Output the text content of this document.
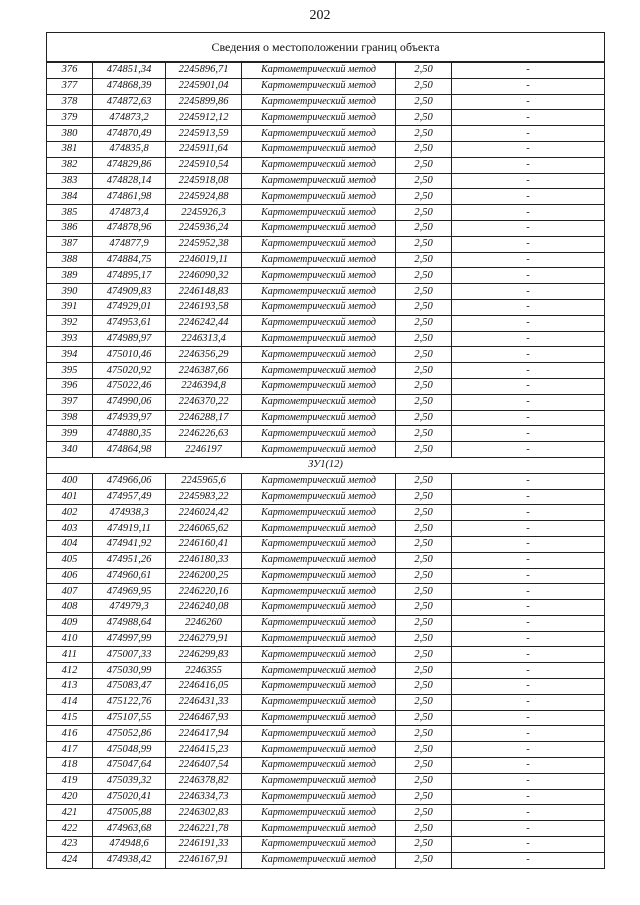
202
Сведения о местоположении границ объекта					
376	474851,34	2245896,71	Картометрический метод	2,50	-
377	474868,39	2245901,04	Картометрический метод	2,50	-
378	474872,63	2245899,86	Картометрический метод	2,50	-
379	474873,2	2245912,12	Картометрический метод	2,50	-
380	474870,49	2245913,59	Картометрический метод	2,50	-
381	474835,8	2245911,64	Картометрический метод	2,50	-
382	474829,86	2245910,54	Картометрический метод	2,50	-
383	474828,14	2245918,08	Картометрический метод	2,50	-
384	474861,98	2245924,88	Картометрический метод	2,50	-
385	474873,4	2245926,3	Картометрический метод	2,50	-
386	474878,96	2245936,24	Картометрический метод	2,50	-
387	474877,9	2245952,38	Картометрический метод	2,50	-
388	474884,75	2246019,11	Картометрический метод	2,50	-
389	474895,17	2246090,32	Картометрический метод	2,50	-
390	474909,83	2246148,83	Картометрический метод	2,50	-
391	474929,01	2246193,58	Картометрический метод	2,50	-
392	474953,61	2246242,44	Картометрический метод	2,50	-
393	474989,97	2246313,4	Картометрический метод	2,50	-
394	475010,46	2246356,29	Картометрический метод	2,50	-
395	475020,92	2246387,66	Картометрический метод	2,50	-
396	475022,46	2246394,8	Картометрический метод	2,50	-
397	474990,06	2246370,22	Картометрический метод	2,50	-
398	474939,97	2246288,17	Картометрический метод	2,50	-
399	474880,35	2246226,63	Картометрический метод	2,50	-
340	474864,98	2246197	Картометрический метод	2,50	-
ЗУ1(12)					
400	474966,06	2245965,6	Картометрический метод	2,50	-
401	474957,49	2245983,22	Картометрический метод	2,50	-
402	474938,3	2246024,42	Картометрический метод	2,50	-
403	474919,11	2246065,62	Картометрический метод	2,50	-
404	474941,92	2246160,41	Картометрический метод	2,50	-
405	474951,26	2246180,33	Картометрический метод	2,50	-
406	474960,61	2246200,25	Картометрический метод	2,50	-
407	474969,95	2246220,16	Картометрический метод	2,50	-
408	474979,3	2246240,08	Картометрический метод	2,50	-
409	474988,64	2246260	Картометрический метод	2,50	-
410	474997,99	2246279,91	Картометрический метод	2,50	-
411	475007,33	2246299,83	Картометрический метод	2,50	-
412	475030,99	2246355	Картометрический метод	2,50	-
413	475083,47	2246416,05	Картометрический метод	2,50	-
414	475122,76	2246431,33	Картометрический метод	2,50	-
415	475107,55	2246467,93	Картометрический метод	2,50	-
416	475052,86	2246417,94	Картометрический метод	2,50	-
417	475048,99	2246415,23	Картометрический метод	2,50	-
418	475047,64	2246407,54	Картометрический метод	2,50	-
419	475039,32	2246378,82	Картометрический метод	2,50	-
420	475020,41	2246334,73	Картометрический метод	2,50	-
421	475005,88	2246302,83	Картометрический метод	2,50	-
422	474963,68	2246221,78	Картометрический метод	2,50	-
423	474948,6	2246191,33	Картометрический метод	2,50	-
424	474938,42	2246167,91	Картометрический метод	2,50	-
